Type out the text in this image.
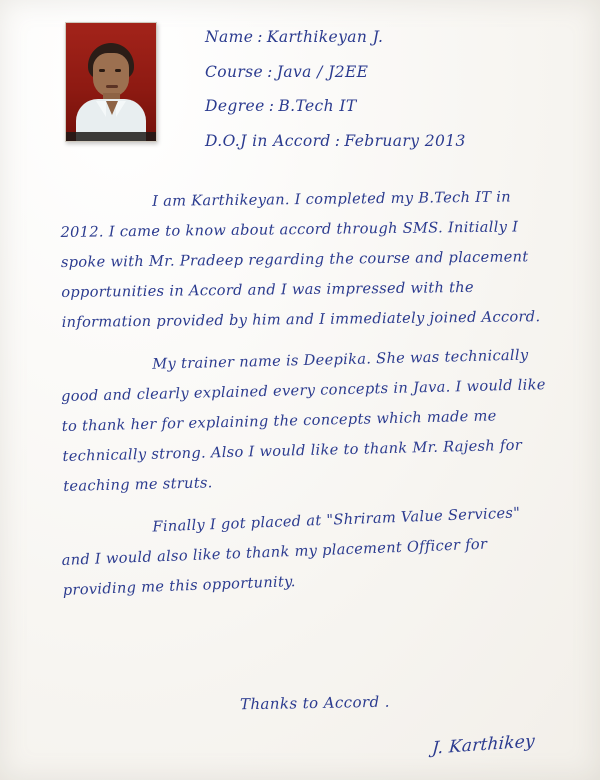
Name : Karthikeyan J.
Course : Java / J2EE
Degree : B.Tech IT
D.O.J in Accord : February 2013
I am Karthikeyan. I completed my B.Tech IT in 2012. I came to know about accord through SMS. Initially I spoke with Mr. Pradeep regarding the course and placement opportunities in Accord and I was impressed with the information provided by him and I immediately joined Accord.
My trainer name is Deepika. She was technically good and clearly explained every concepts in Java. I would like to thank her for explaining the concepts which made me technically strong. Also I would like to thank Mr. Rajesh for teaching me struts.
Finally I got placed at "Shriram Value Services" and I would also like to thank my placement Officer for providing me this opportunity.
Thanks to Accord .
J. Karthikey
